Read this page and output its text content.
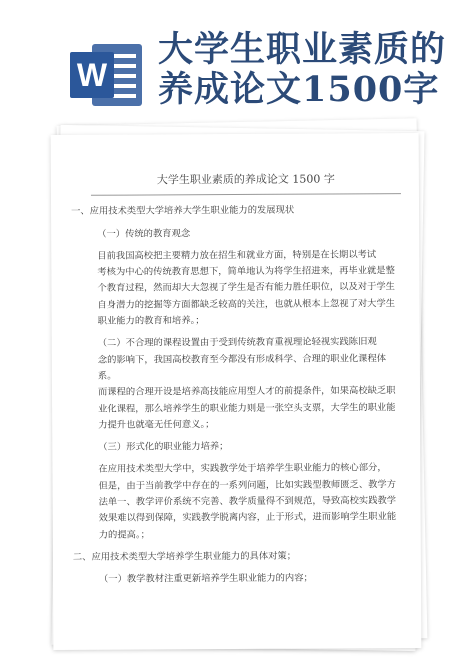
W
大学生职业素质的
养成论文1500字
大学生职业素质的养成论文 1500 字

一、应用技术类型大学培养大学生职业能力的发展现状

（一）传统的教育观念

目前我国高校把主要精力放在招生和就业方面，特别是在长期以考试
考核为中心的传统教育思想下，简单地认为将学生招进来，再毕业就是整
个教育过程，然而却大大忽视了学生是否有能力胜任职位，以及对于学生
自身潜力的挖掘等方面都缺乏较高的关注，也就从根本上忽视了对大学生
职业能力的教育和培养。；

（二）不合理的课程设置由于受到传统教育重视理论轻视实践陈旧观
念的影响下，我国高校教育至今都没有形成科学、合理的职业化课程体系。
而课程的合理开设是培养高技能应用型人才的前提条件，如果高校缺乏职
业化课程，那么培养学生的职业能力则是一张空头支票，大学生的职业能
力提升也就毫无任何意义。；

（三）形式化的职业能力培养；

在应用技术类型大学中，实践教学处于培养学生职业能力的核心部分，
但是，由于当前教学中存在的一系列问题，比如实践型教师匮乏、教学方
法单一、教学评价系统不完善、教学质量得不到规范，导致高校实践教学
效果难以得到保障，实践教学脱离内容，止于形式，进而影响学生职业能
力的提高。；

二、应用技术类型大学培养学生职业能力的具体对策；

（一）教学教材注重更新培养学生职业能力的内容；
